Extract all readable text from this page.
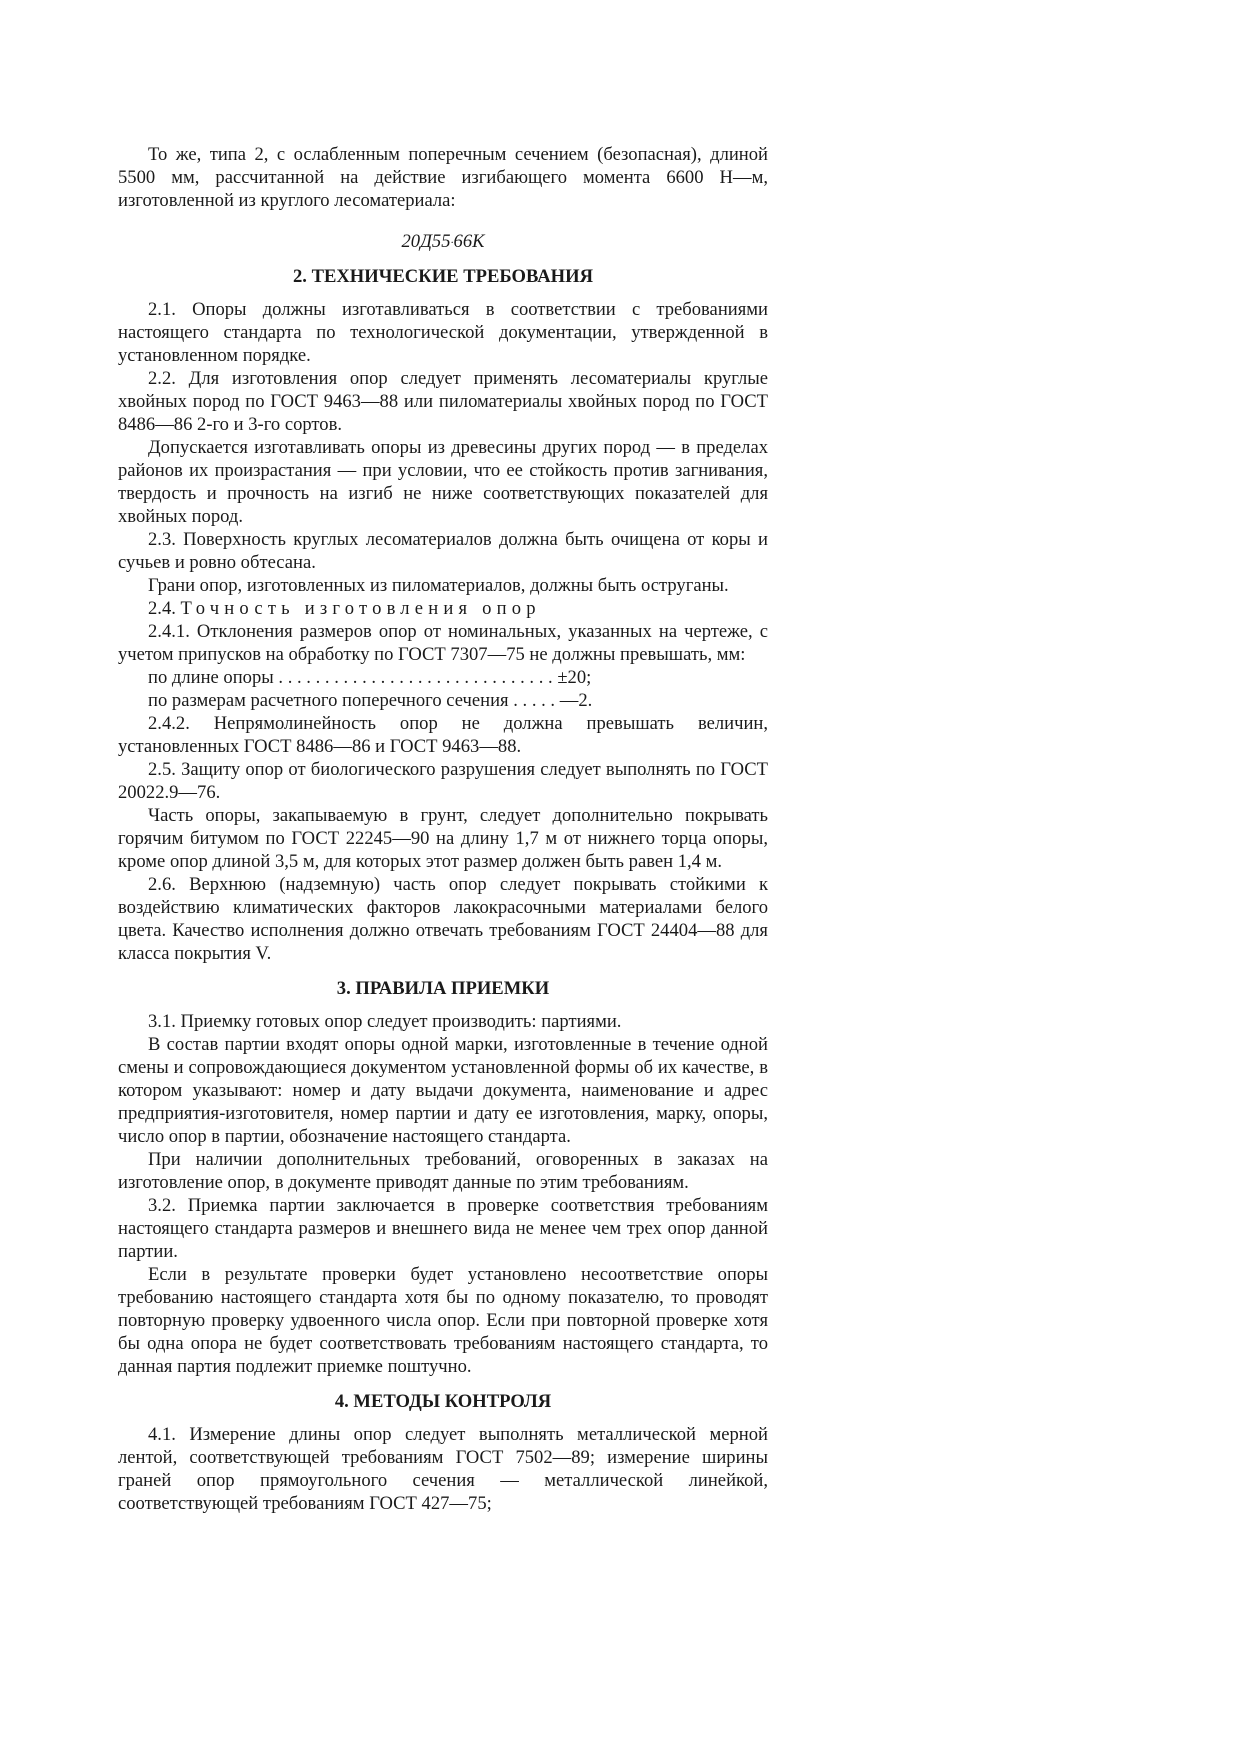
То же, типа 2, с ослабленным поперечным сечением (безопасная), длиной 5500 мм, рассчитанной на действие изгибающего момента 6600 Н—м, изготовленной из круглого лесоматериала:

20Д55·66К
2. ТЕХНИЧЕСКИЕ ТРЕБОВАНИЯ

2.1. Опоры должны изготавливаться в соответствии с требованиями настоящего стандарта по технологической документации, утвержденной в установленном порядке.

2.2. Для изготовления опор следует применять лесоматериалы круглые хвойных пород по ГОСТ 9463—88 или пиломатериалы хвойных пород по ГОСТ 8486—86 2-го и 3-го сортов.

Допускается изготавливать опоры из древесины других пород — в пределах районов их произрастания — при условии, что ее стойкость против загнивания, твердость и прочность на изгиб не ниже соответствующих показателей для хвойных пород.

2.3. Поверхность круглых лесоматериалов должна быть очищена от коры и сучьев и ровно обтесана.

Грани опор, изготовленных из пиломатериалов, должны быть оструганы.

2.4. Точность изготовления опор

2.4.1. Отклонения размеров опор от номинальных, указанных на чертеже, с учетом припусков на обработку по ГОСТ 7307—75 не должны превышать, мм:

по длине опоры . . . . . . . . . . . . . . . . . . . . . . . . . . . . . . ±20;

по размерам расчетного поперечного сечения . . . . . —2.

2.4.2. Непрямолинейность опор не должна превышать величин, установленных ГОСТ 8486—86 и ГОСТ 9463—88.

2.5. Защиту опор от биологического разрушения следует выполнять по ГОСТ 20022.9—76.

Часть опоры, закапываемую в грунт, следует дополнительно покрывать горячим битумом по ГОСТ 22245—90 на длину 1,7 м от нижнего торца опоры, кроме опор длиной 3,5 м, для которых этот размер должен быть равен 1,4 м.

2.6. Верхнюю (надземную) часть опор следует покрывать стойкими к воздействию климатических факторов лакокрасочными материалами белого цвета. Качество исполнения должно отвечать требованиям ГОСТ 24404—88 для класса покрытия V.

3. ПРАВИЛА ПРИЕМКИ

3.1. Приемку готовых опор следует производить: партиями.

В состав партии входят опоры одной марки, изготовленные в течение одной смены и сопровождающиеся документом установленной формы об их качестве, в котором указывают: номер и дату выдачи документа, наименование и адрес предприятия-изготовителя, номер партии и дату ее изготовления, марку, опоры, число опор в партии, обозначение настоящего стандарта.

При наличии дополнительных требований, оговоренных в заказах на изготовление опор, в документе приводят данные по этим требованиям.

3.2. Приемка партии заключается в проверке соответствия требованиям настоящего стандарта размеров и внешнего вида не менее чем трех опор данной партии.

Если в результате проверки будет установлено несоответствие опоры требованию настоящего стандарта хотя бы по одному показателю, то проводят повторную проверку удвоенного числа опор. Если при повторной проверке хотя бы одна опора не будет соответствовать требованиям настоящего стандарта, то данная партия подлежит приемке поштучно.

4. МЕТОДЫ КОНТРОЛЯ

4.1. Измерение длины опор следует выполнять металлической мерной лентой, соответствующей требованиям ГОСТ 7502—89; измерение ширины граней опор прямоугольного сечения — металлической линейкой, соответствующей требованиям ГОСТ 427—75;
